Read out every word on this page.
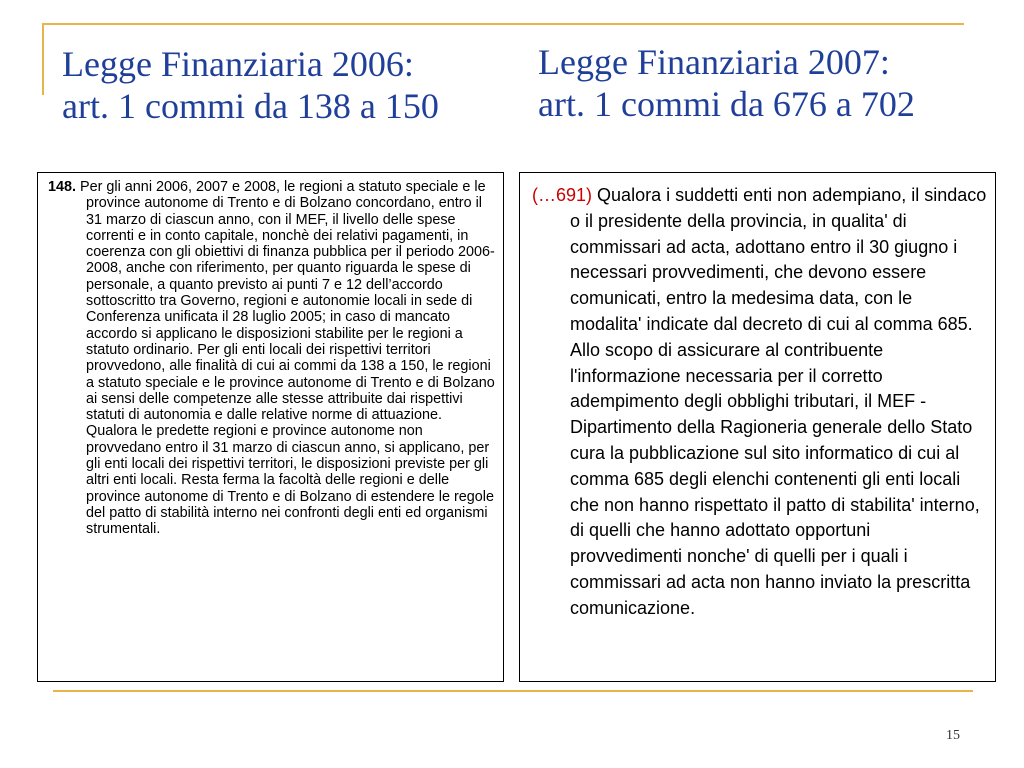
Legge Finanziaria 2006:
art. 1 commi da 138 a 150
Legge Finanziaria 2007:
art. 1 commi da 676 a 702

148. Per gli anni 2006, 2007 e 2008, le regioni a statuto speciale e le province autonome di Trento e di Bolzano concordano, entro il 31 marzo di ciascun anno, con il MEF, il livello delle spese correnti e in conto capitale, nonchè dei relativi pagamenti, in coerenza con gli obiettivi di finanza pubblica per il periodo 2006-2008, anche con riferimento, per quanto riguarda le spese di personale, a quanto previsto ai punti 7 e 12 dell’accordo sottoscritto tra Governo, regioni e autonomie locali in sede di Conferenza unificata il 28 luglio 2005; in caso di mancato accordo si applicano le disposizioni stabilite per le regioni a statuto ordinario. Per gli enti locali dei rispettivi territori provvedono, alle finalità di cui ai commi da 138 a 150, le regioni a statuto speciale e le province autonome di Trento e di Bolzano ai sensi delle competenze alle stesse attribuite dai rispettivi statuti di autonomia e dalle relative norme di attuazione. Qualora le predette regioni e province autonome non provvedano entro il 31 marzo di ciascun anno, si applicano, per gli enti locali dei rispettivi territori, le disposizioni previste per gli altri enti locali. Resta ferma la facoltà delle regioni e delle province autonome di Trento e di Bolzano di estendere le regole del patto di stabilità interno nei confronti degli enti ed organismi strumentali.

(…691) Qualora i suddetti enti non adempiano, il sindaco o il presidente della provincia, in qualita' di commissari ad acta, adottano entro il 30 giugno i necessari provvedimenti, che devono essere comunicati, entro la medesima data, con le modalita' indicate dal decreto di cui al comma 685. Allo scopo di assicurare al contribuente l'informazione necessaria per il corretto adempimento degli obblighi tributari, il MEF - Dipartimento della Ragioneria generale dello Stato cura la pubblicazione sul sito informatico di cui al comma 685 degli elenchi contenenti gli enti locali che non hanno rispettato il patto di stabilita' interno, di quelli che hanno adottato opportuni provvedimenti nonche' di quelli per i quali i commissari ad acta non hanno inviato la prescritta comunicazione.

15
